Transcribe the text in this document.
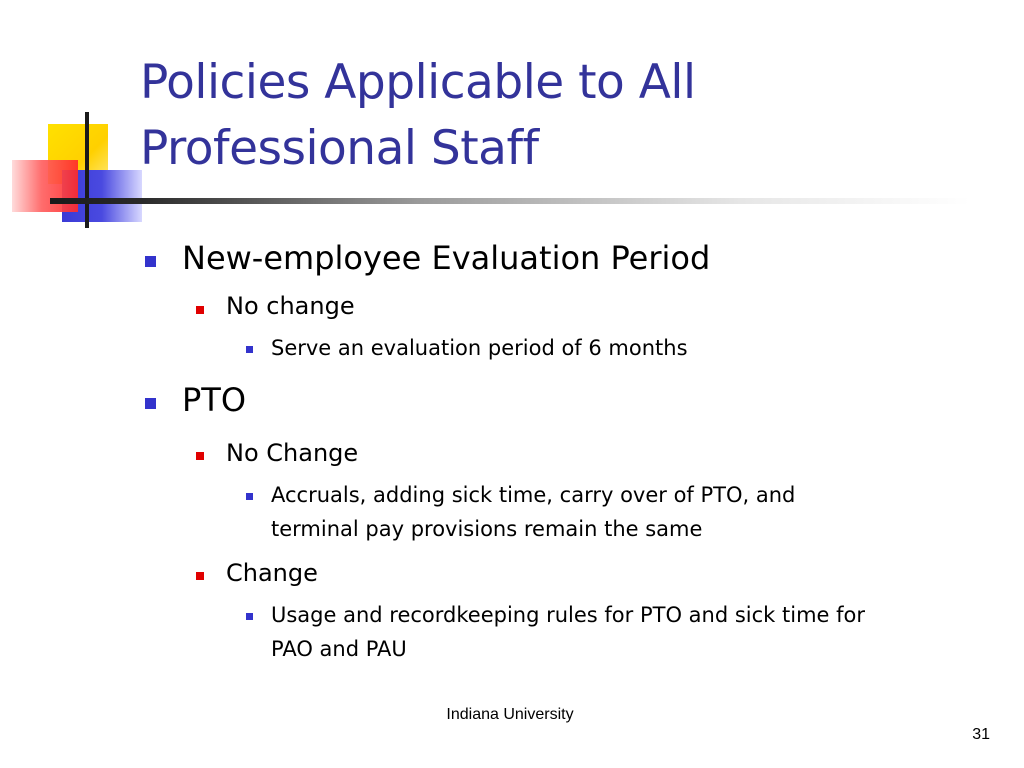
Policies Applicable to All
Professional Staff
New-employee Evaluation Period
No change
Serve an evaluation period of 6 months
PTO
No Change
Accruals, adding sick time, carry over of PTO, and
terminal pay provisions remain the same
Change
Usage and recordkeeping rules for PTO and sick time for
PAO and PAU
Indiana University
31
